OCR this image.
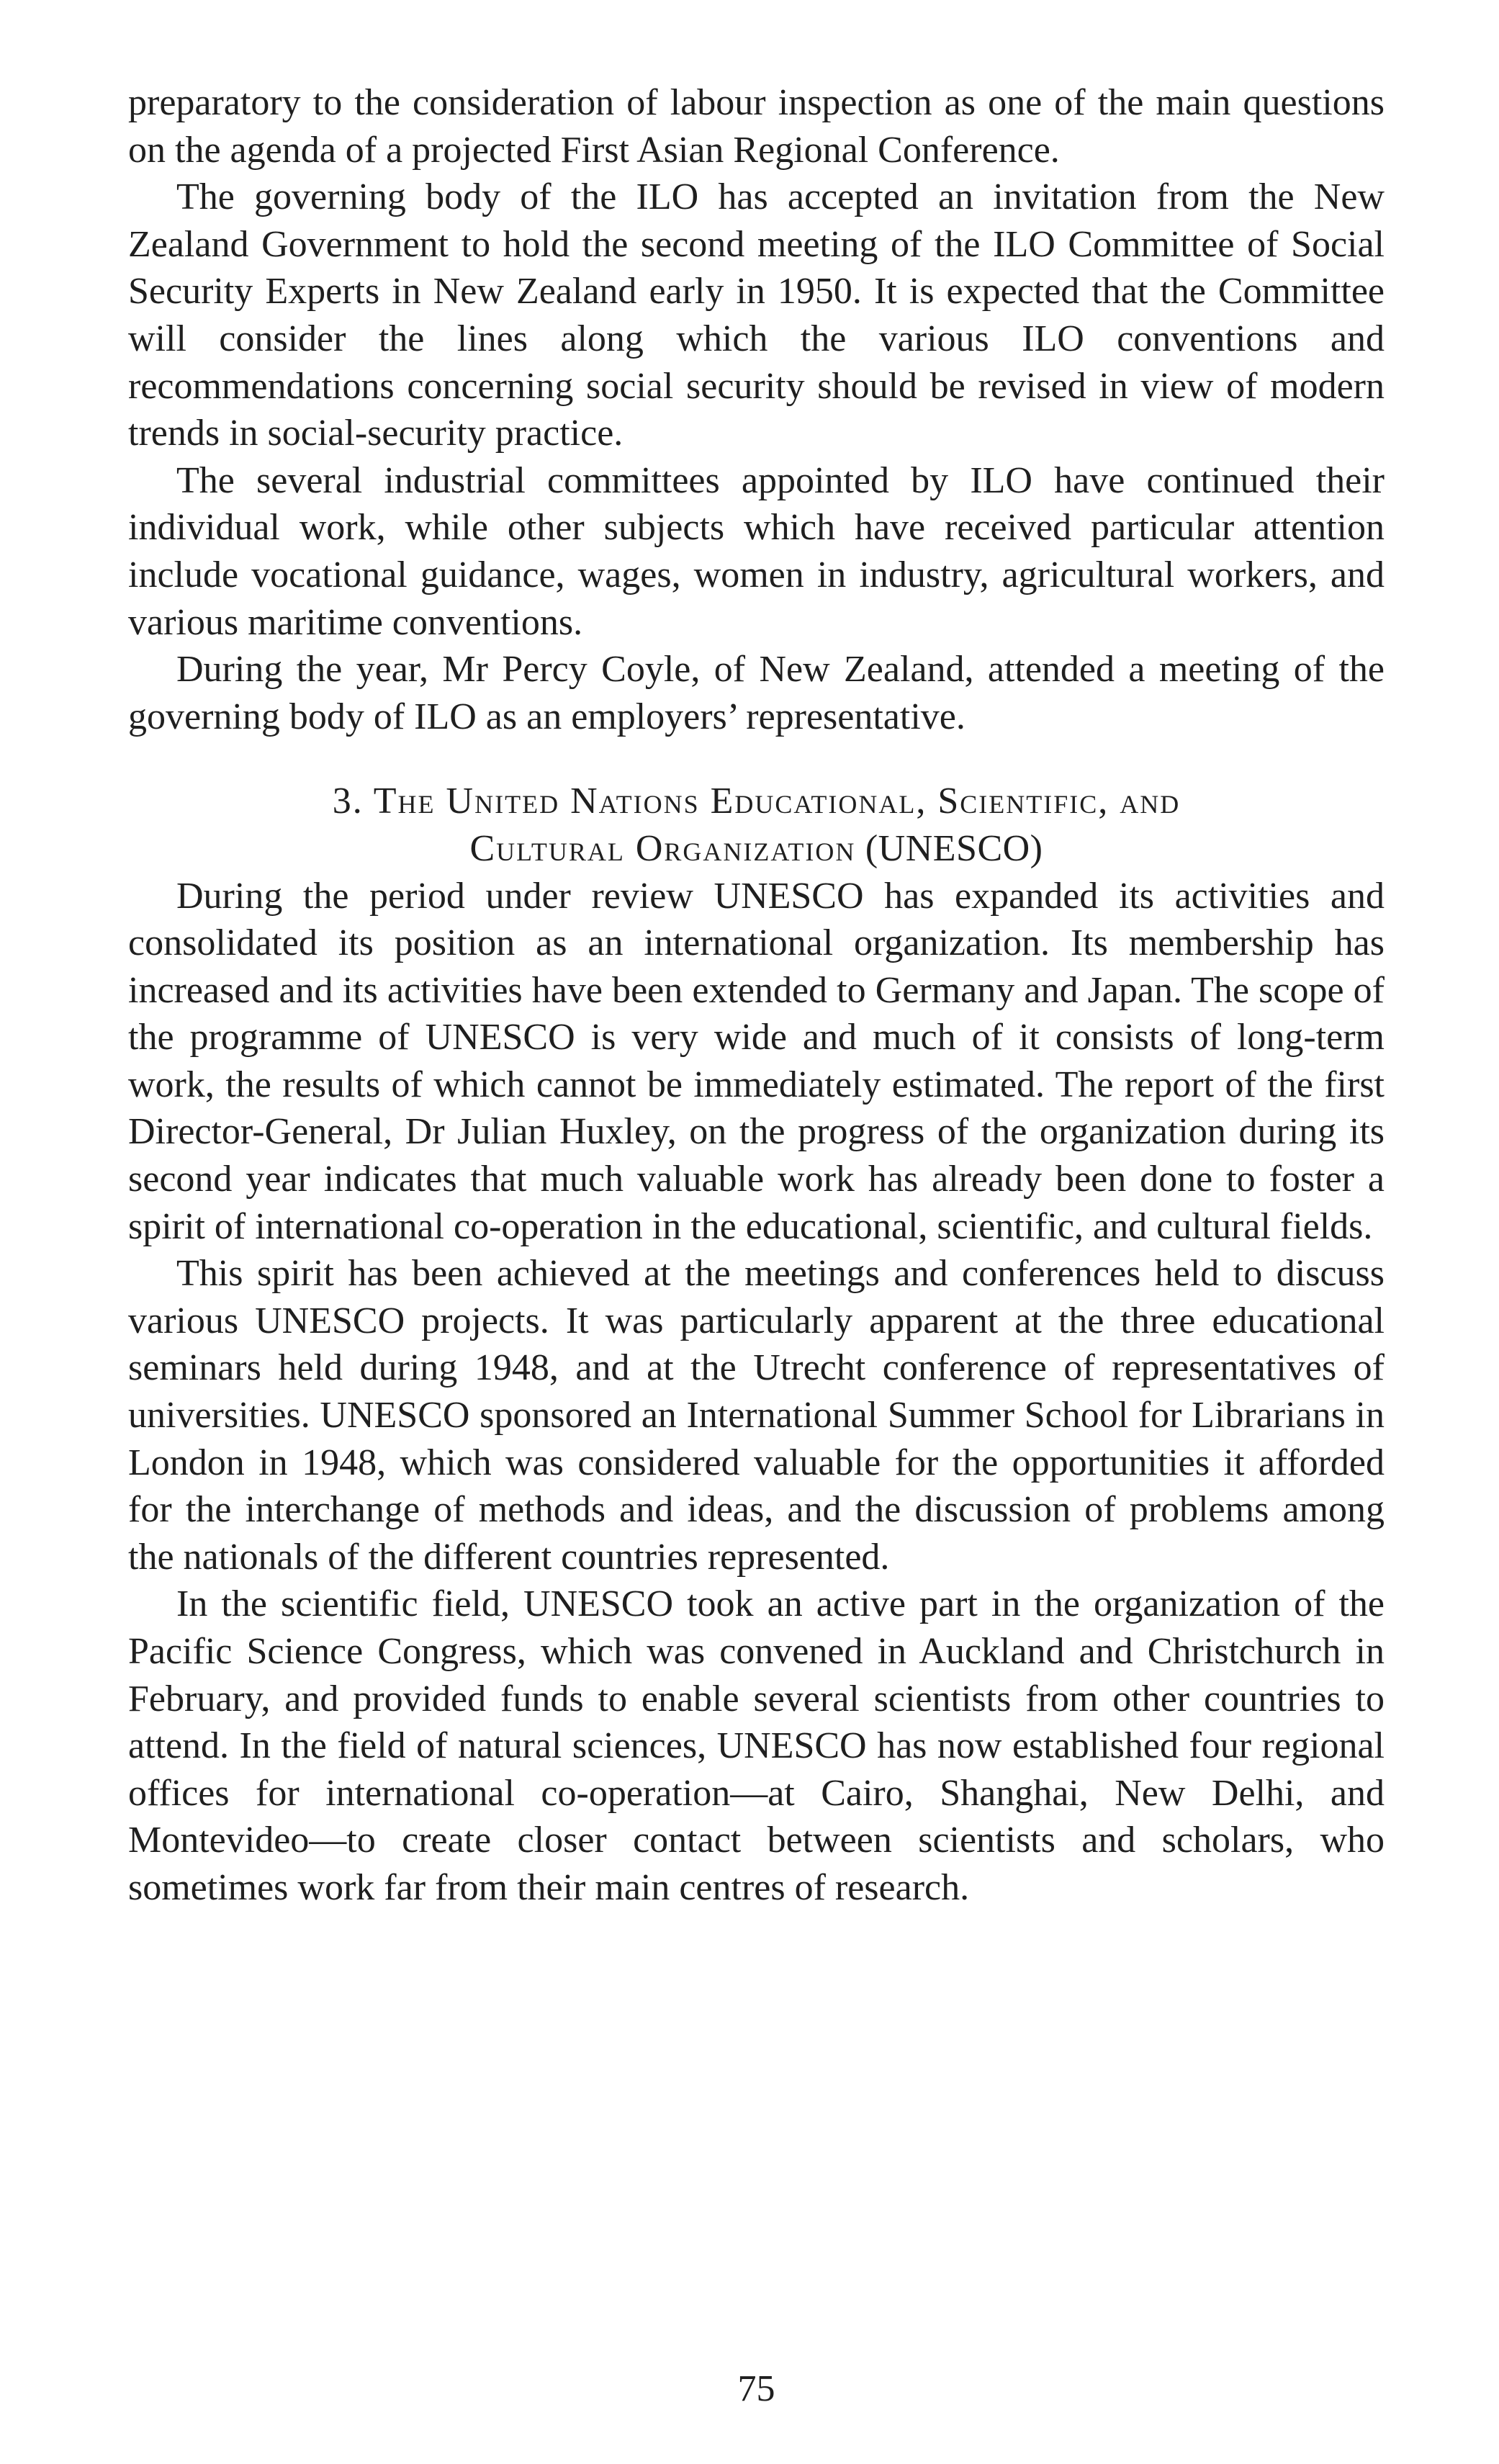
preparatory to the consideration of labour inspection as one of the main questions on the agenda of a projected First Asian Regional Conference.

The governing body of the ILO has accepted an invitation from the New Zealand Government to hold the second meeting of the ILO Committee of Social Security Experts in New Zealand early in 1950. It is expected that the Committee will consider the lines along which the various ILO conventions and recommendations concerning social security should be revised in view of modern trends in social-security practice.

The several industrial committees appointed by ILO have continued their individual work, while other subjects which have received particular attention include vocational guidance, wages, women in industry, agricultural workers, and various maritime conventions.

During the year, Mr Percy Coyle, of New Zealand, attended a meeting of the governing body of ILO as an employers’ representative.

3. The United Nations Educational, Scientific, and
Cultural Organization (UNESCO)

During the period under review UNESCO has expanded its activities and consolidated its position as an international organization. Its membership has increased and its activities have been extended to Germany and Japan. The scope of the programme of UNESCO is very wide and much of it consists of long-term work, the results of which cannot be immediately estimated. The report of the first Director-General, Dr Julian Huxley, on the progress of the organization during its second year indicates that much valuable work has already been done to foster a spirit of international co-operation in the educational, scientific, and cultural fields.

This spirit has been achieved at the meetings and conferences held to discuss various UNESCO projects. It was particularly apparent at the three educational seminars held during 1948, and at the Utrecht conference of representatives of universities. UNESCO sponsored an International Summer School for Librarians in London in 1948, which was considered valuable for the opportunities it afforded for the interchange of methods and ideas, and the discussion of problems among the nationals of the different countries represented.

In the scientific field, UNESCO took an active part in the organization of the Pacific Science Congress, which was convened in Auckland and Christchurch in February, and provided funds to enable several scientists from other countries to attend. In the field of natural sciences, UNESCO has now established four regional offices for international co-operation—at Cairo, Shanghai, New Delhi, and Montevideo—to create closer contact between scientists and scholars, who sometimes work far from their main centres of research.

75
